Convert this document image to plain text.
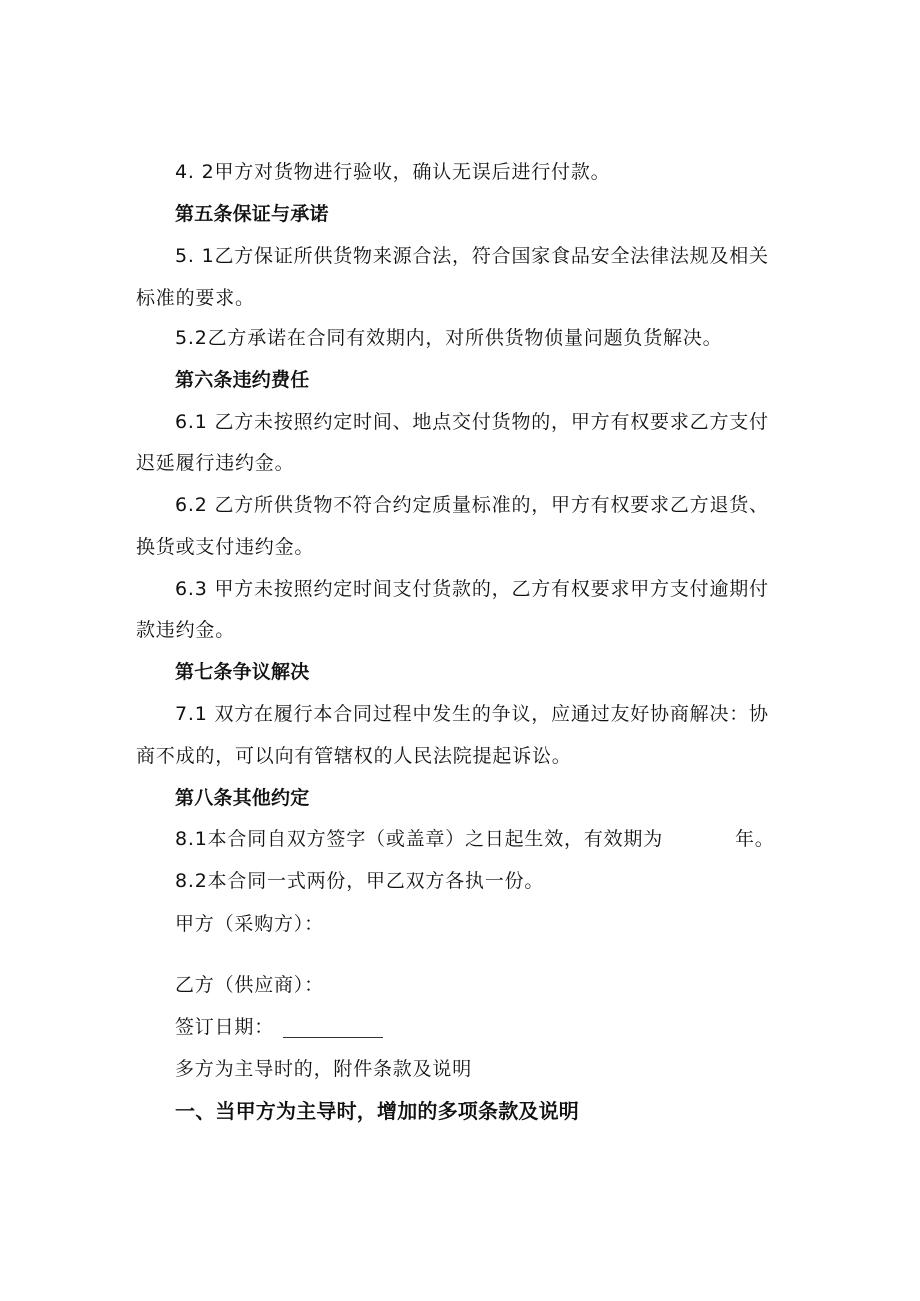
4. 2甲方对货物进行验收，确认无误后进行付款。
第五条保证与承诺
5. 1乙方保证所供货物来源合法，符合国家食品安全法律法规及相关
标准的要求。
5.2乙方承诺在合同有效期内，对所供货物侦量问题负货解决。
第六条违约费任
6.1 乙方未按照约定时间、地点交付货物的，甲方有权要求乙方支付
迟延履行违约金。
6.2 乙方所供货物不符合约定质量标准的，甲方有权要求乙方退货、
换货或支付违约金。
6.3 甲方未按照约定时间支付货款的，乙方有权要求甲方支付逾期付
款违约金。
第七条争议解决
7.1 双方在履行本合同过程中发生的争议，应通过友好协商解决：协
商不成的，可以向有管辖权的人民法院提起诉讼。
第八条其他约定
8.1本合同自双方签字（或盖章）之日起生效，有效期为	年。
8.2本合同一式两份，甲乙双方各执一份。
甲方（采购方）：
乙方（供应商）：
签订日期：
多方为主导时的，附件条款及说明
一、当甲方为主导时，增加的多项条款及说明
